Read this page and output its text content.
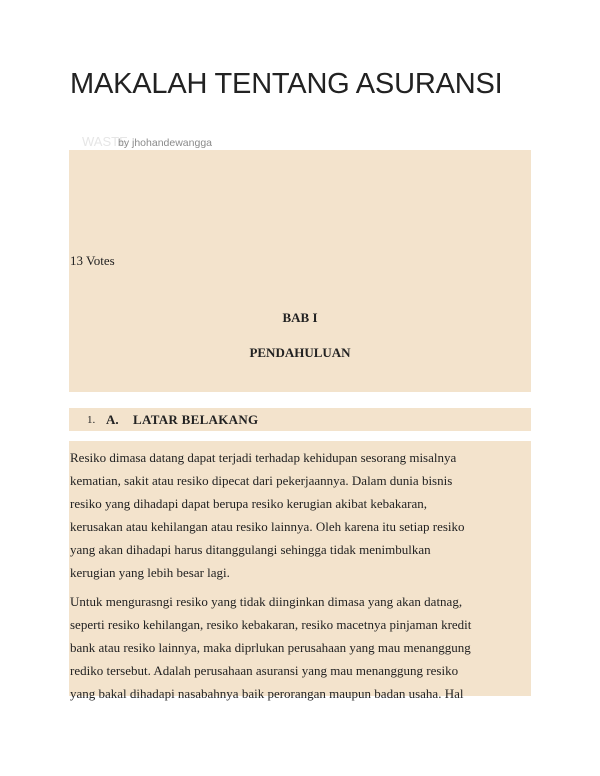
MAKALAH TENTANG ASURANSI
WASTE
by jhohandewangga
13 Votes
BAB I
PENDAHULUAN
1. A. LATAR BELAKANG
Resiko dimasa datang dapat terjadi terhadap kehidupan sesorang misalnya
kematian, sakit atau resiko dipecat dari pekerjaannya. Dalam dunia bisnis
resiko yang dihadapi dapat berupa resiko kerugian akibat kebakaran,
kerusakan atau kehilangan atau resiko lainnya. Oleh karena itu setiap resiko
yang akan dihadapi harus ditanggulangi sehingga tidak menimbulkan
kerugian yang lebih besar lagi.
Untuk mengurasngi resiko yang tidak diinginkan dimasa yang akan datnag,
seperti resiko kehilangan, resiko kebakaran, resiko macetnya pinjaman kredit
bank atau resiko lainnya, maka diprlukan perusahaan yang mau menanggung
rediko tersebut. Adalah perusahaan asuransi yang mau menanggung resiko
yang bakal dihadapi nasabahnya baik perorangan maupun badan usaha. Hal
